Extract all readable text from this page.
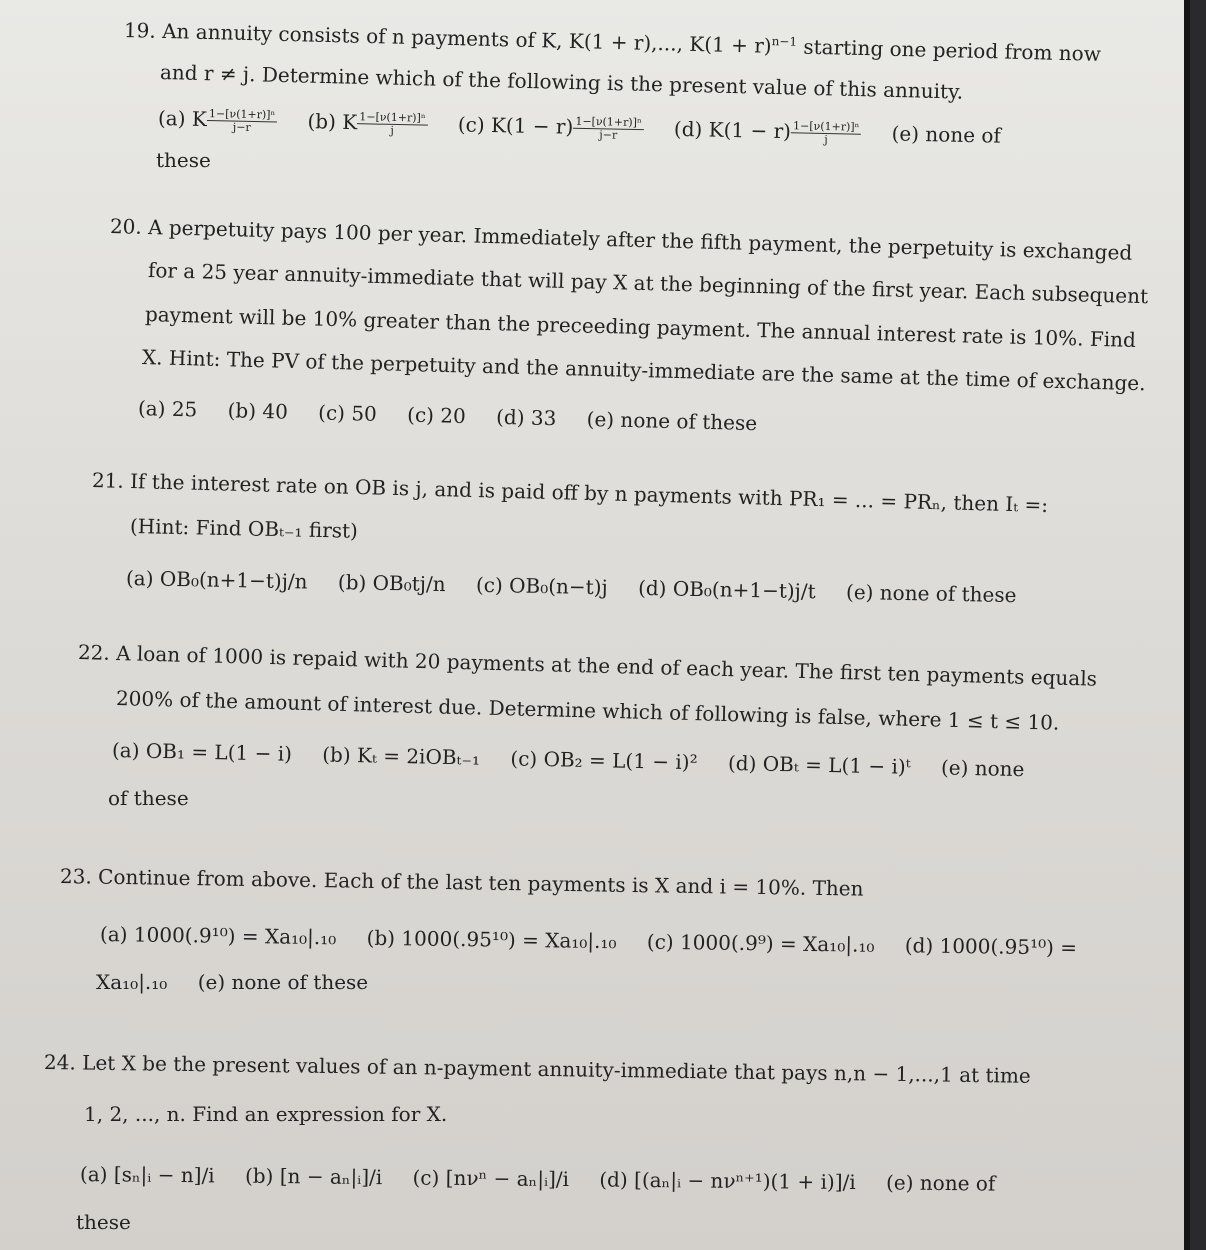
19. An annuity consists of n payments of K, K(1 + r),..., $K(1 + r)^{n-1}$ starting one period from now
and r ≠ j. Determine which of the following is the present value of this annuity.
(a) K $\frac{\text{1−[ν(1+r)]ⁿ}}{j-r} (b)$ K $\frac{\text{1−[ν(1+r)]ⁿ}}{j} (c) K(1 - r) \frac{\text{1−[ν(1+r)]ⁿ}}{j-r} (d) K(1 - r) \frac{\text{1−[ν(1+r)]ⁿ}}{j} (e)$ none of
these
20. A perpetuity pays 100 per year. Immediately after the fifth payment, the perpetuity is exchanged
for a 25 year annuity-immediate that will pay X at the beginning of the first year. Each subsequent
payment will be 10% greater than the preceeding payment. The annual interest rate is 10%. Find
X. Hint: The PV of the perpetuity and the annuity-immediate are the same at the time of exchange.
(a) 25 (b) 40 (c) 50 (c) 20 (d) 33 (e) none of these
21. If the interest rate on OB is j, and is paid off by n payments with PR₁ = ... = PRₙ, then Iₜ =:
(Hint: Find OBₜ₋₁ first)
(a) OB₀(n+1−t)j/n (b) OB₀tj/n (c) OB₀(n−t)j (d) OB₀(n+1−t)j/t (e) none of these
22. A loan of 1000 is repaid with 20 payments at the end of each year. The first ten payments equals
200% of the amount of interest due. Determine which of following is false, where 1 ≤ t ≤ 10.
(a) OB₁ = L(1 − i) (b) Kₜ = 2iOBₜ₋₁ (c) OB₂ = L(1 − i)² (d) OBₜ = L(1 − i)ᵗ (e) none
of these
23. Continue from above. Each of the last ten payments is X and i = 10%. Then
(a) 1000(.9¹⁰) = Xa₁₀|.₁₀ (b) 1000(.95¹⁰) = Xa₁₀|.₁₀ (c) 1000(.9⁹) = Xa₁₀|.₁₀ (d) 1000(.95¹⁰) =
Xa₁₀|.₁₀ (e) none of these
24. Let X be the present values of an n-payment annuity-immediate that pays n,n − 1,...,1 at time
1, 2, ..., n. Find an expression for X.
(a) [sₙ|ᵢ − n]/i (b) [n − aₙ|ᵢ]/i (c) [nνⁿ − aₙ|ᵢ]/i (d) [(aₙ|ᵢ − nνⁿ⁺¹)(1 + i)]/i (e) none of
these
